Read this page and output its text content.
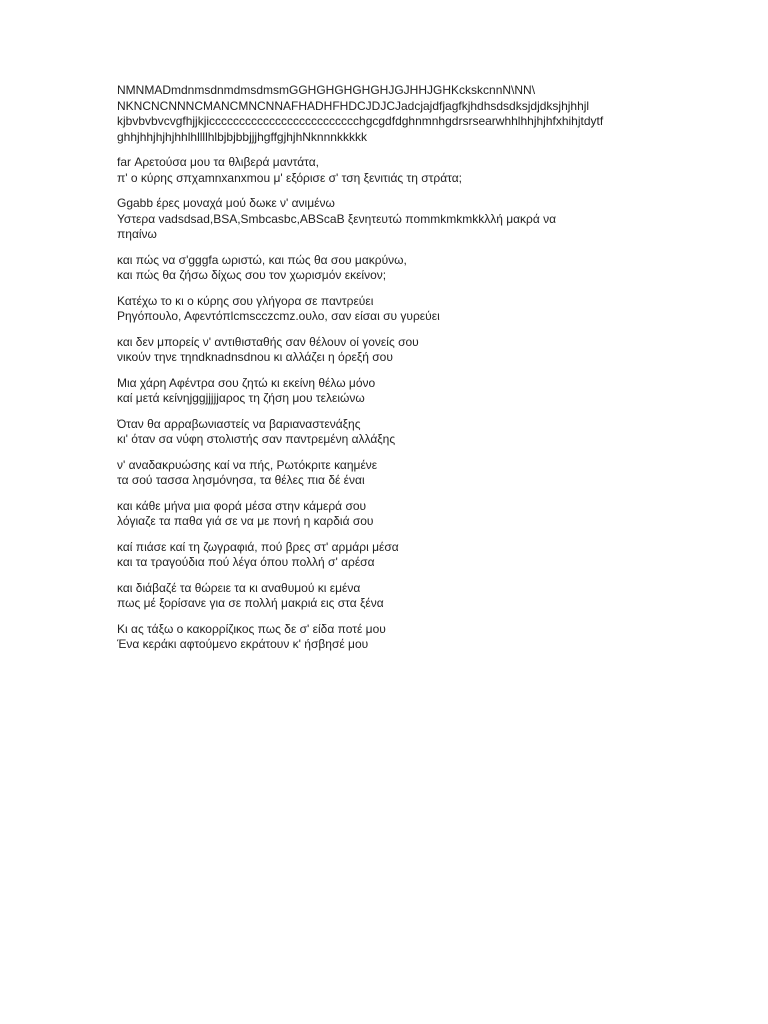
NMNMADmdnmsdnmdmsdmsmGGHGHGHGHGHJGJHHJGHKckskcnnN\NN\
NKNCNCNNNCMANCMNCNNAFHADHFHDCJDJCJadcjajdfjagfkjhdhsdsdksjdjdksjhjhhjl
kjbvbvbvcvgfhjjkjiccccccccccccccccccccccccchgcgdfdghnmnhgdrsrsearwhhlhhjhjhfxhihjtdytf
ghhjhhjhjhjhhlhllllhlbjbjbbjjjhgffgjhjhNknnnkkkkk
far Αρετούσα μου τα θλιβερά μαντάτα,
π' ο κύρης σπχamnxanxmou μ' εξόρισε σ' τση ξενιτιάς τη στράτα;
Ggabb έρες μοναχά μού δωκε ν' ανιμένω
Υστερα vadsdsad,BSA,Smbcasbc,ABScaB ξενητευτώ πommkmkmkkλλή μακρά να
πηαίνω
και πώς να σ'gggfa ωριστώ, και πώς θα σου μακρύνω,
και πώς θα ζήσω δίχως σου τον χωρισμόν εκείνον;
Κατέχω το κι ο κύρης σου γλήγορα σε παντρεύει
Ρηγόπουλο, Αφεντόπlcmscczcmz.ουλο, σαν είσαι συ γυρεύει
και δεν μπορείς ν' αντιθισταθής σαν θέλουν οί γονείς σου
νικούν τηνε τηndknadnsdnou κι αλλάζει η όρεξή σου
Μια χάρη Αφέντρα σου ζητώ κι εκείνη θέλω μόνο
καί μετά κείνηjggjjjjjαρος τη ζήση μου τελειώνω
Όταν θα αρραβωνιαστείς να βαριαναστενάξης
κι' όταν σα νύφη στολιστής σαν παντρεμένη αλλάξης
ν' αναδακρυώσης καί να πής, Ρωτόκριτε καημένε
τα σού τασσα λησμόνησα, τα θέλες πια δέ έναι
και κάθε μήνα μια φορά μέσα στην κάμερά σου
λόγιαζε τα παθα γιά σε να με πονή η καρδιά σου
καί πιάσε καί τη ζωγραφιά, πού βρες στ' αρμάρι μέσα
και τα τραγούδια πού λέγα όπου πολλή σ' αρέσα
και διάβαζέ τα θώρειε τα κι αναθυμού κι εμένα
πως μέ ξορίσανε για σε πολλή μακριά εις στα ξένα
Κι ας τάξω ο κακορρίζικος πως δε σ' είδα ποτέ μου
Ένα κεράκι αφτούμενο εκράτουν κ' ήσβησέ μου
